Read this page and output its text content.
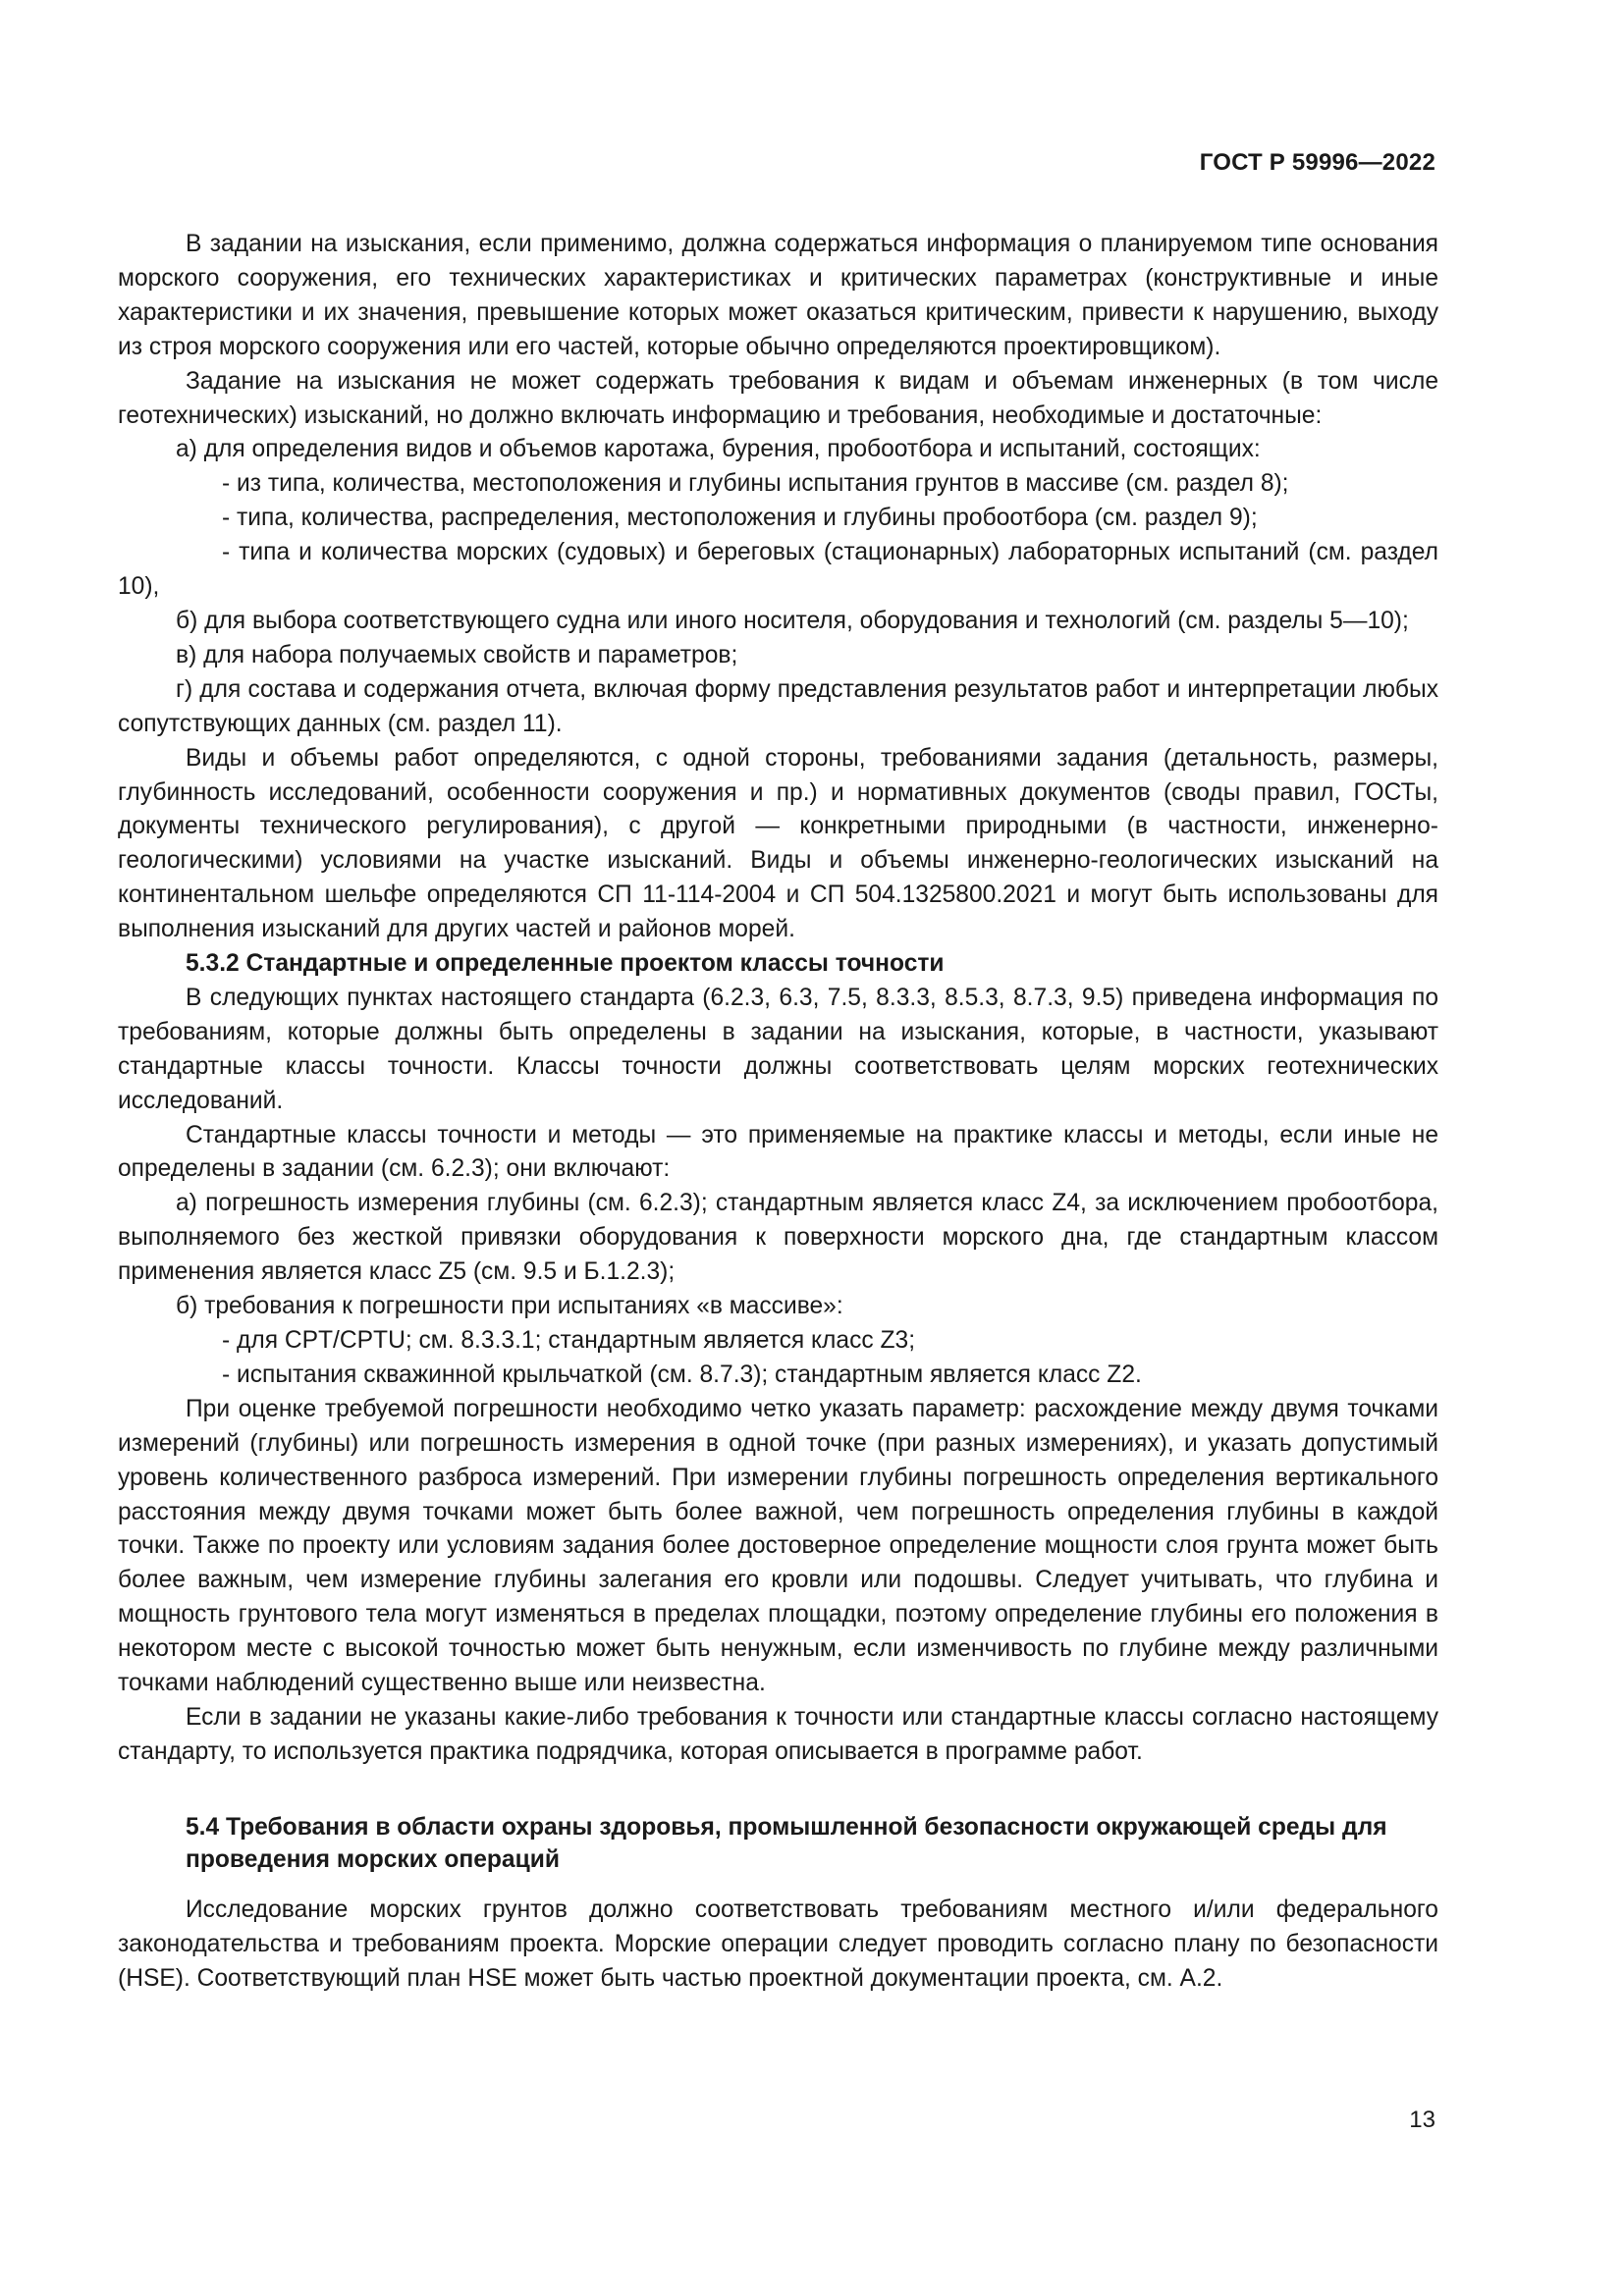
ГОСТ Р 59996—2022

В задании на изыскания, если применимо, должна содержаться информация о планируемом типе основания морского сооружения, его технических характеристиках и критических параметрах (конструктивные и иные характеристики и их значения, превышение которых может оказаться критическим, привести к нарушению, выходу из строя морского сооружения или его частей, которые обычно определяются проектировщиком).

Задание на изыскания не может содержать требования к видам и объемам инженерных (в том числе геотехнических) изысканий, но должно включать информацию и требования, необходимые и достаточные:

а) для определения видов и объемов каротажа, бурения, пробоотбора и испытаний, состоящих:

- из типа, количества, местоположения и глубины испытания грунтов в массиве (см. раздел 8);

- типа, количества, распределения, местоположения и глубины пробоотбора (см. раздел 9);

- типа и количества морских (судовых) и береговых (стационарных) лабораторных испытаний (см. раздел 10),

б) для выбора соответствующего судна или иного носителя, оборудования и технологий (см. разделы 5—10);

в) для набора получаемых свойств и параметров;

г) для состава и содержания отчета, включая форму представления результатов работ и интерпретации любых сопутствующих данных (см. раздел 11).

Виды и объемы работ определяются, с одной стороны, требованиями задания (детальность, размеры, глубинность исследований, особенности сооружения и пр.) и нормативных документов (своды правил, ГОСТы, документы технического регулирования), с другой — конкретными природными (в частности, инженерно-геологическими) условиями на участке изысканий. Виды и объемы инженерно-геологических изысканий на континентальном шельфе определяются СП 11-114-2004 и СП 504.1325800.2021 и могут быть использованы для выполнения изысканий для других частей и районов морей.

5.3.2 Стандартные и определенные проектом классы точности

В следующих пунктах настоящего стандарта (6.2.3, 6.3, 7.5, 8.3.3, 8.5.3, 8.7.3, 9.5) приведена информация по требованиям, которые должны быть определены в задании на изыскания, которые, в частности, указывают стандартные классы точности. Классы точности должны соответствовать целям морских геотехнических исследований.

Стандартные классы точности и методы — это применяемые на практике классы и методы, если иные не определены в задании (см. 6.2.3); они включают:

а) погрешность измерения глубины (см. 6.2.3); стандартным является класс Z4, за исключением пробоотбора, выполняемого без жесткой привязки оборудования к поверхности морского дна, где стандартным классом применения является класс Z5 (см. 9.5 и Б.1.2.3);

б) требования к погрешности при испытаниях «в массиве»:

- для CPT/CPTU; см. 8.3.3.1; стандартным является класс Z3;

- испытания скважинной крыльчаткой (см. 8.7.3); стандартным является класс Z2.

При оценке требуемой погрешности необходимо четко указать параметр: расхождение между двумя точками измерений (глубины) или погрешность измерения в одной точке (при разных измерениях), и указать допустимый уровень количественного разброса измерений. При измерении глубины погрешность определения вертикального расстояния между двумя точками может быть более важной, чем погрешность определения глубины в каждой точки. Также по проекту или условиям задания более достоверное определение мощности слоя грунта может быть более важным, чем измерение глубины залегания его кровли или подошвы. Следует учитывать, что глубина и мощность грунтового тела могут изменяться в пределах площадки, поэтому определение глубины его положения в некотором месте с высокой точностью может быть ненужным, если изменчивость по глубине между различными точками наблюдений существенно выше или неизвестна.

Если в задании не указаны какие-либо требования к точности или стандартные классы согласно настоящему стандарту, то используется практика подрядчика, которая описывается в программе работ.

5.4 Требования в области охраны здоровья, промышленной безопасности окружающей среды для проведения морских операций

Исследование морских грунтов должно соответствовать требованиям местного и/или федерального законодательства и требованиям проекта. Морские операции следует проводить согласно плану по безопасности (HSE). Соответствующий план HSE может быть частью проектной документации проекта, см. А.2.

13
